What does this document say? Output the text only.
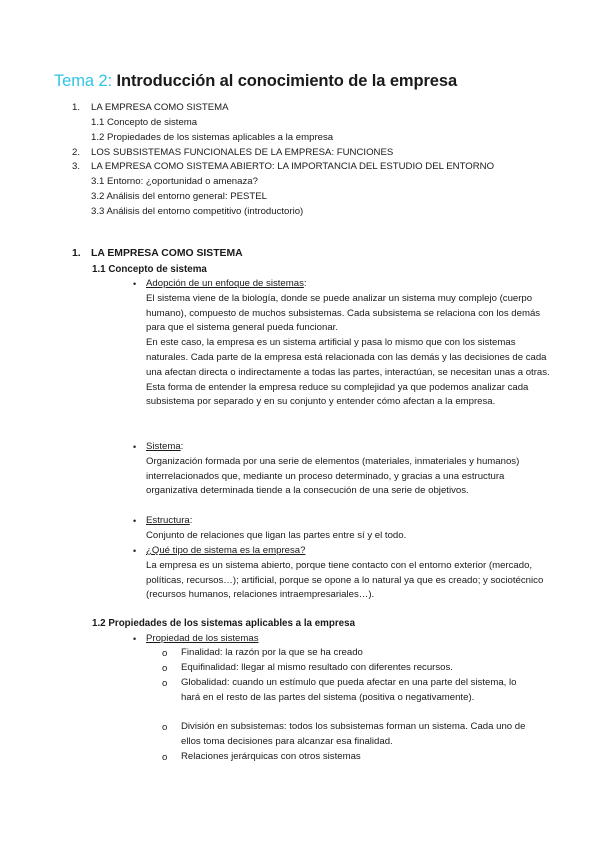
Tema 2: Introducción al conocimiento de la empresa
1. LA EMPRESA COMO SISTEMA
1.1 Concepto de sistema
1.2 Propiedades de los sistemas aplicables a la empresa
2. LOS SUBSISTEMAS FUNCIONALES DE LA EMPRESA: FUNCIONES
3. LA EMPRESA COMO SISTEMA ABIERTO: LA IMPORTANCIA DEL ESTUDIO DEL ENTORNO
3.1 Entorno: ¿oportunidad o amenaza?
3.2 Análisis del entorno general: PESTEL
3.3 Análisis del entorno competitivo (introductorio)
1. LA EMPRESA COMO SISTEMA
1.1 Concepto de sistema
• Adopción de un enfoque de sistemas:

El sistema viene de la biología, donde se puede analizar un sistema muy complejo (cuerpo humano), compuesto de muchos subsistemas. Cada subsistema se relaciona con los demás para que el sistema general pueda funcionar.

En este caso, la empresa es un sistema artificial y pasa lo mismo que con los sistemas naturales. Cada parte de la empresa está relacionada con las demás y las decisiones de cada una afectan directa o indirectamente a todas las partes, interactúan, se necesitan unas a otras.

Esta forma de entender la empresa reduce su complejidad ya que podemos analizar cada subsistema por separado y en su conjunto y entender cómo afectan a la empresa.

• Sistema:

Organización formada por una serie de elementos (materiales, inmateriales y humanos) interrelacionados que, mediante un proceso determinado, y gracias a una estructura organizativa determinada tiende a la consecución de una serie de objetivos.

• Estructura:

Conjunto de relaciones que ligan las partes entre sí y el todo.

• ¿Qué tipo de sistema es la empresa?

La empresa es un sistema abierto, porque tiene contacto con el entorno exterior (mercado, políticas, recursos…); artificial, porque se opone a lo natural ya que es creado; y sociotécnico (recursos humanos, relaciones intraempresariales…).

1.2 Propiedades de los sistemas aplicables a la empresa
• Propiedad de los sistemas
o Finalidad: la razón por la que se ha creado
o Equifinalidad: llegar al mismo resultado con diferentes recursos.
o Globalidad: cuando un estímulo que pueda afectar en una parte del sistema, lo hará en el resto de las partes del sistema (positiva o negativamente).
o División en subsistemas: todos los subsistemas forman un sistema. Cada uno de ellos toma decisiones para alcanzar esa finalidad.
o Relaciones jerárquicas con otros sistemas
